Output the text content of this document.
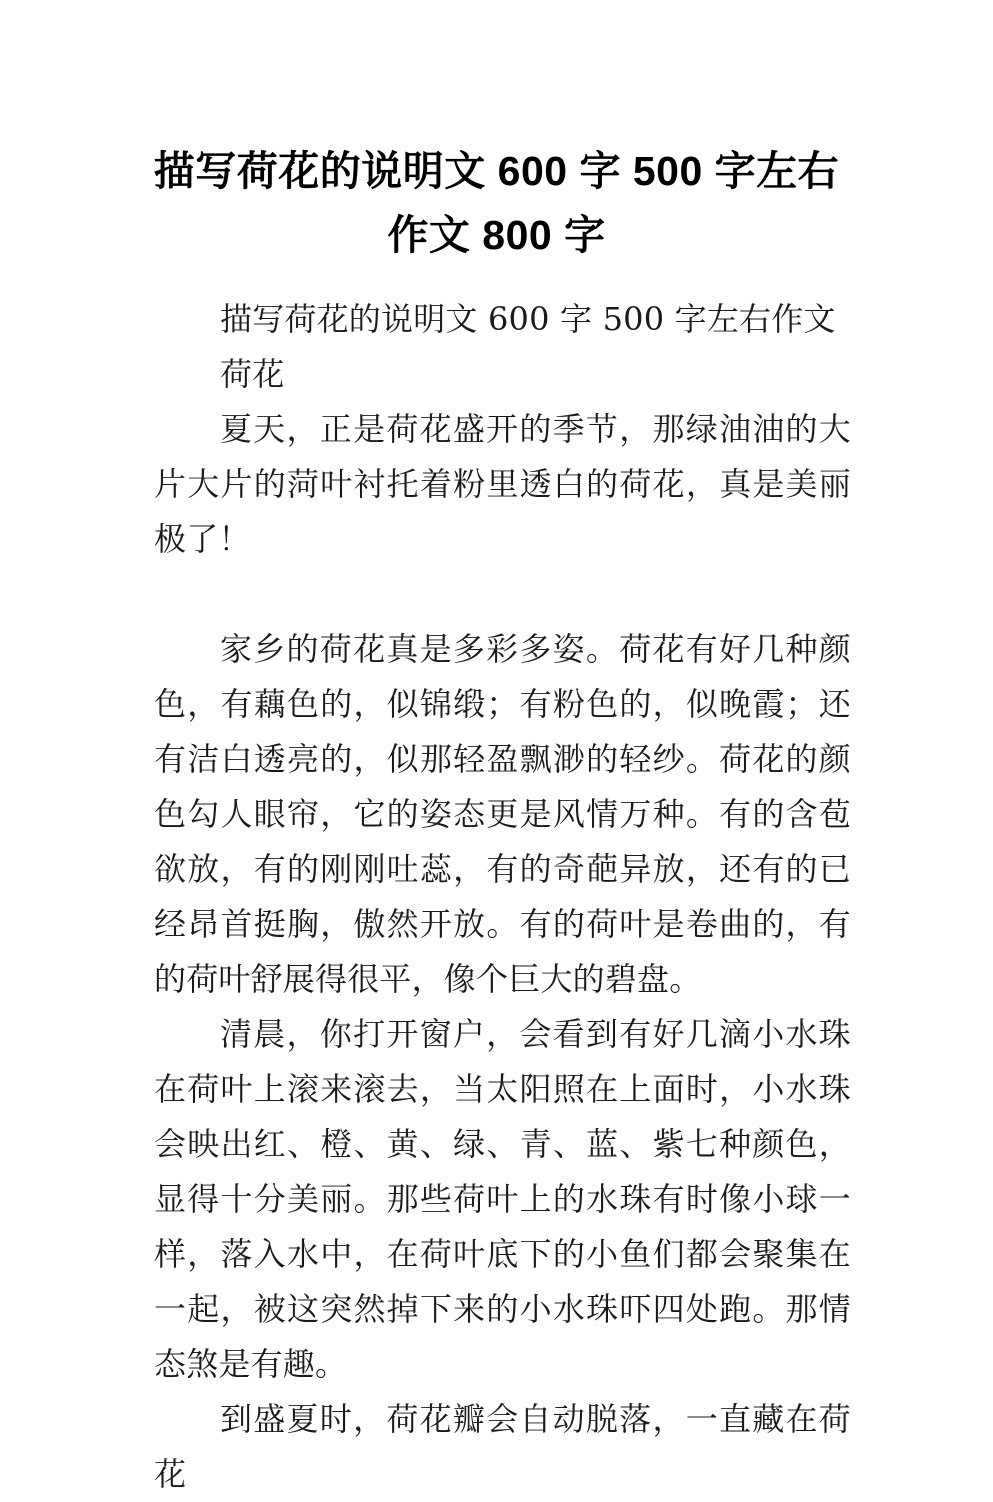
描写荷花的说明文 600 字 500 字左右作文 800 字

描写荷花的说明文 600 字 500 字左右作文

荷花

夏天，正是荷花盛开的季节，那绿油油的大片大片的菏叶衬托着粉里透白的荷花，真是美丽极了！

家乡的荷花真是多彩多姿。荷花有好几种颜色，有藕色的，似锦缎；有粉色的，似晚霞；还有洁白透亮的，似那轻盈飘渺的轻纱。荷花的颜色勾人眼帘，它的姿态更是风情万种。有的含苞欲放，有的刚刚吐蕊，有的奇葩异放，还有的已经昂首挺胸，傲然开放。有的荷叶是卷曲的，有的荷叶舒展得很平，像个巨大的碧盘。

清晨，你打开窗户，会看到有好几滴小水珠在荷叶上滚来滚去，当太阳照在上面时，小水珠会映出红、橙、黄、绿、青、蓝、紫七种颜色，显得十分美丽。那些荷叶上的水珠有时像小球一样，落入水中，在荷叶底下的小鱼们都会聚集在一起，被这突然掉下来的小水珠吓四处跑。那情态煞是有趣。

到盛夏时，荷花瓣会自动脱落，一直藏在荷花
